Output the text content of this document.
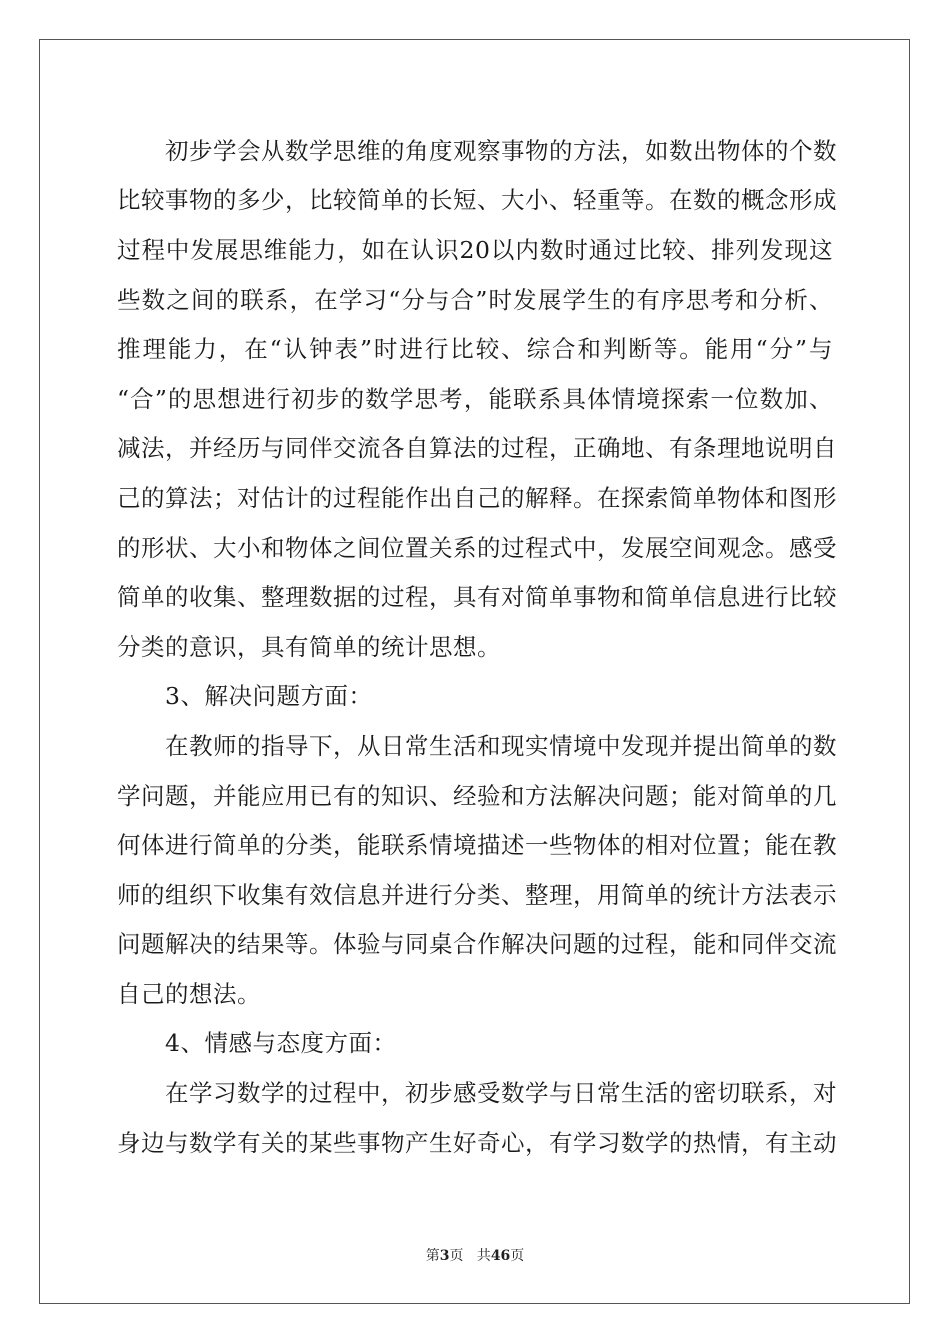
　　初步学会从数学思维的角度观察事物的方法，如数出物体的个数
比较事物的多少，比较简单的长短、大小、轻重等。在数的概念形成
过程中发展思维能力，如在认识20以内数时通过比较、排列发现这
些数之间的联系，在学习“分与合”时发展学生的有序思考和分析、
推理能力，在“认钟表”时进行比较、综合和判断等。能用“分”与
“合”的思想进行初步的数学思考，能联系具体情境探索一位数加、
减法，并经历与同伴交流各自算法的过程，正确地、有条理地说明自
己的算法；对估计的过程能作出自己的解释。在探索简单物体和图形
的形状、大小和物体之间位置关系的过程式中，发展空间观念。感受
简单的收集、整理数据的过程，具有对简单事物和简单信息进行比较
分类的意识，具有简单的统计思想。
　　3、解决问题方面：
　　在教师的指导下，从日常生活和现实情境中发现并提出简单的数
学问题，并能应用已有的知识、经验和方法解决问题；能对简单的几
何体进行简单的分类，能联系情境描述一些物体的相对位置；能在教
师的组织下收集有效信息并进行分类、整理，用简单的统计方法表示
问题解决的结果等。体验与同桌合作解决问题的过程，能和同伴交流
自己的想法。
　　4、情感与态度方面：
　　在学习数学的过程中，初步感受数学与日常生活的密切联系，对
身边与数学有关的某些事物产生好奇心，有学习数学的热情，有主动
第3页 共46页
